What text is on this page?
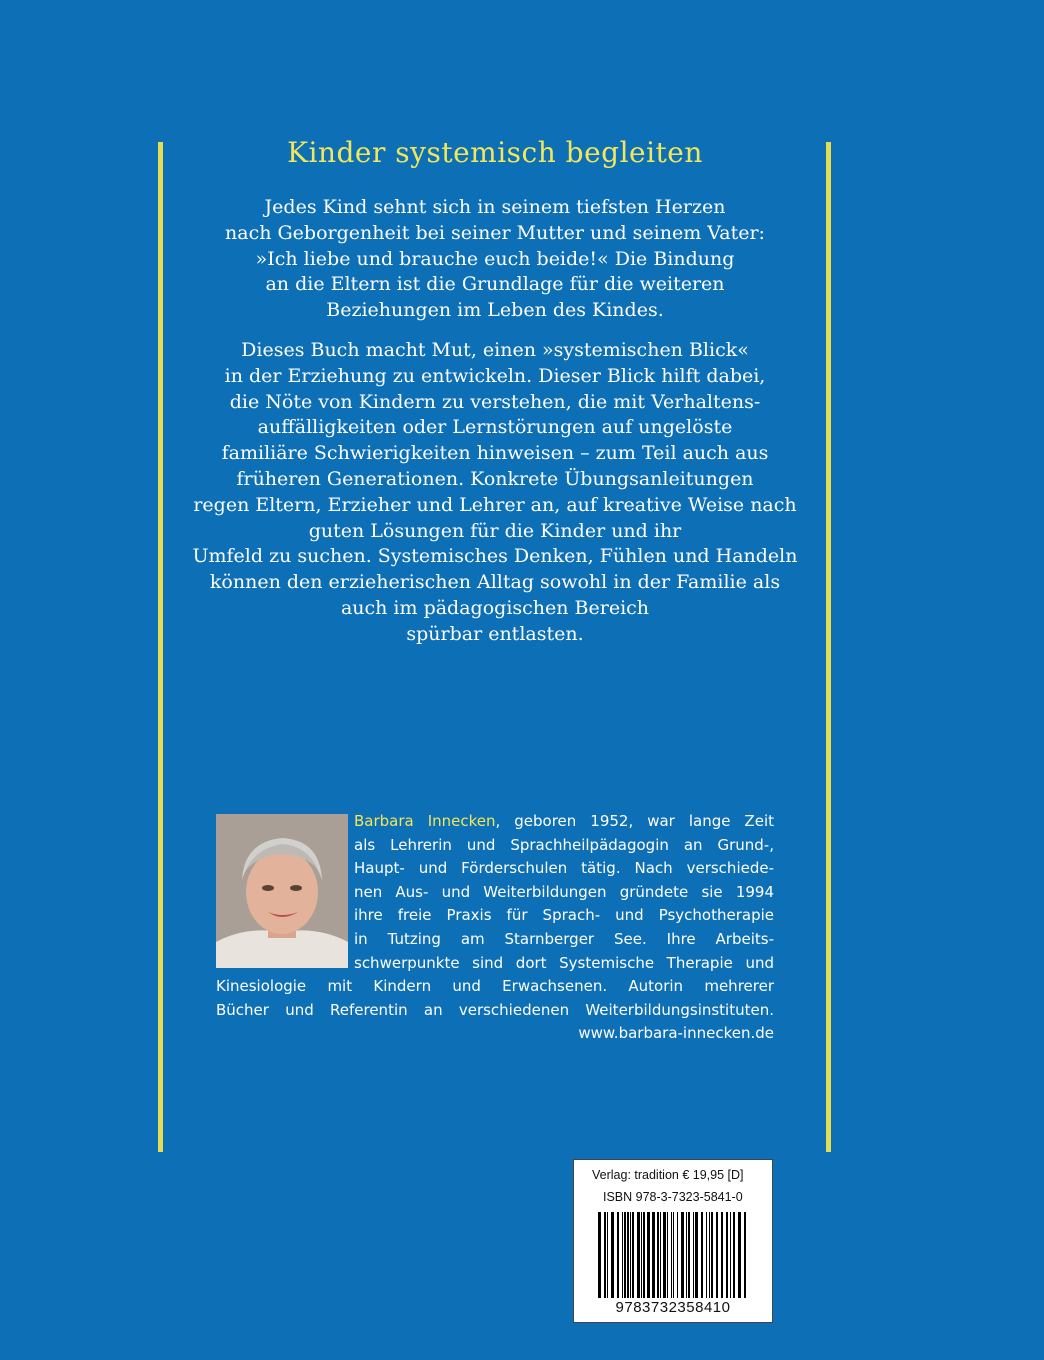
Kinder systemisch begleiten
Jedes Kind sehnt sich in seinem tiefsten Herzen
nach Geborgenheit bei seiner Mutter und seinem Vater:
»Ich liebe und brauche euch beide!« Die Bindung
an die Eltern ist die Grundlage für die weiteren
Beziehungen im Leben des Kindes.
Dieses Buch macht Mut, einen »systemischen Blick«
in der Erziehung zu entwickeln. Dieser Blick hilft dabei,
die Nöte von Kindern zu verstehen, die mit Verhaltens-
auffälligkeiten oder Lernstörungen auf ungelöste
familiäre Schwierigkeiten hinweisen – zum Teil auch aus
früheren Generationen. Konkrete Übungsanleitungen
regen Eltern, Erzieher und Lehrer an, auf kreative Weise nach
guten Lösungen für die Kinder und ihr
Umfeld zu suchen. Systemisches Denken, Fühlen und Handeln
können den erzieherischen Alltag sowohl in der Familie als
auch im pädagogischen Bereich
spürbar entlasten.
Barbara Innecken, geboren 1952, war lange Zeit
als Lehrerin und Sprachheilpädagogin an Grund-,
Haupt- und Förderschulen tätig. Nach verschiede-
nen Aus- und Weiterbildungen gründete sie 1994
ihre freie Praxis für Sprach- und Psychotherapie
in Tutzing am Starnberger See. Ihre Arbeits-
schwerpunkte sind dort Systemische Therapie und
Kinesiologie mit Kindern und Erwachsenen. Autorin mehrerer
Bücher und Referentin an verschiedenen Weiterbildungsinstituten.
www.barbara-innecken.de
Verlag: tradition € 19,95 [D]
ISBN 978-3-7323-5841-0
9783732358410
